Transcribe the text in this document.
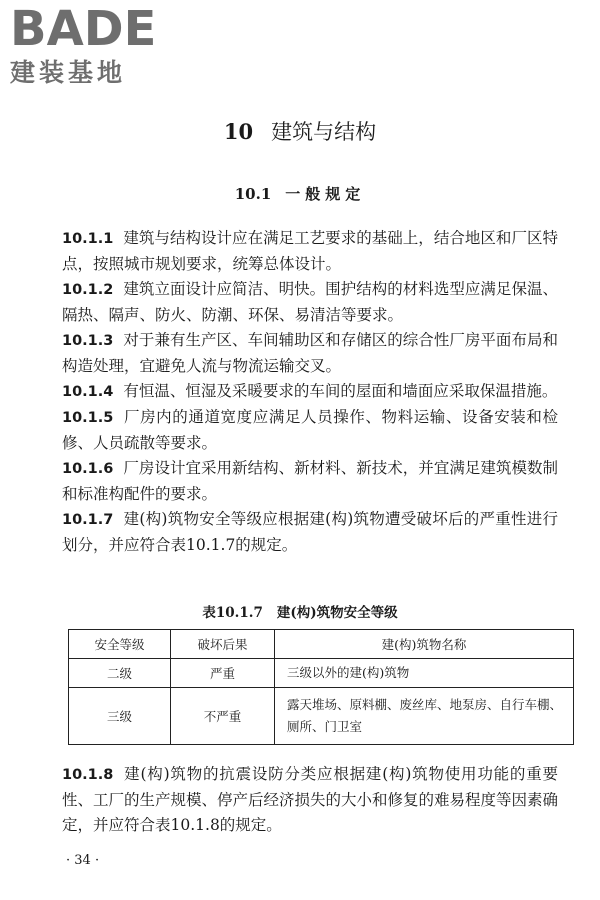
BADE
建装基地
10 建筑与结构
10.1 一般规定

10.1.1 建筑与结构设计应在满足工艺要求的基础上，结合地区和厂区特点，按照城市规划要求，统筹总体设计。

10.1.2 建筑立面设计应简洁、明快。围护结构的材料选型应满足保温、隔热、隔声、防火、防潮、环保、易清洁等要求。

10.1.3 对于兼有生产区、车间辅助区和存储区的综合性厂房平面布局和构造处理，宜避免人流与物流运输交叉。

10.1.4 有恒温、恒湿及采暖要求的车间的屋面和墙面应采取保温措施。

10.1.5 厂房内的通道宽度应满足人员操作、物料运输、设备安装和检修、人员疏散等要求。

10.1.6 厂房设计宜采用新结构、新材料、新技术，并宜满足建筑模数制和标准构配件的要求。

10.1.7 建(构)筑物安全等级应根据建(构)筑物遭受破坏后的严重性进行划分，并应符合表10.1.7的规定。

表10.1.7 建(构)筑物安全等级
安全等级	破坏后果	建(构)筑物名称
二级	严重	三级以外的建(构)筑物
三级	不严重	露天堆场、原料棚、废丝库、地泵房、自行车棚、厕所、门卫室

10.1.8 建(构)筑物的抗震设防分类应根据建(构)筑物使用功能的重要性、工厂的生产规模、停产后经济损失的大小和修复的难易程度等因素确定，并应符合表10.1.8的规定。

· 34 ·
